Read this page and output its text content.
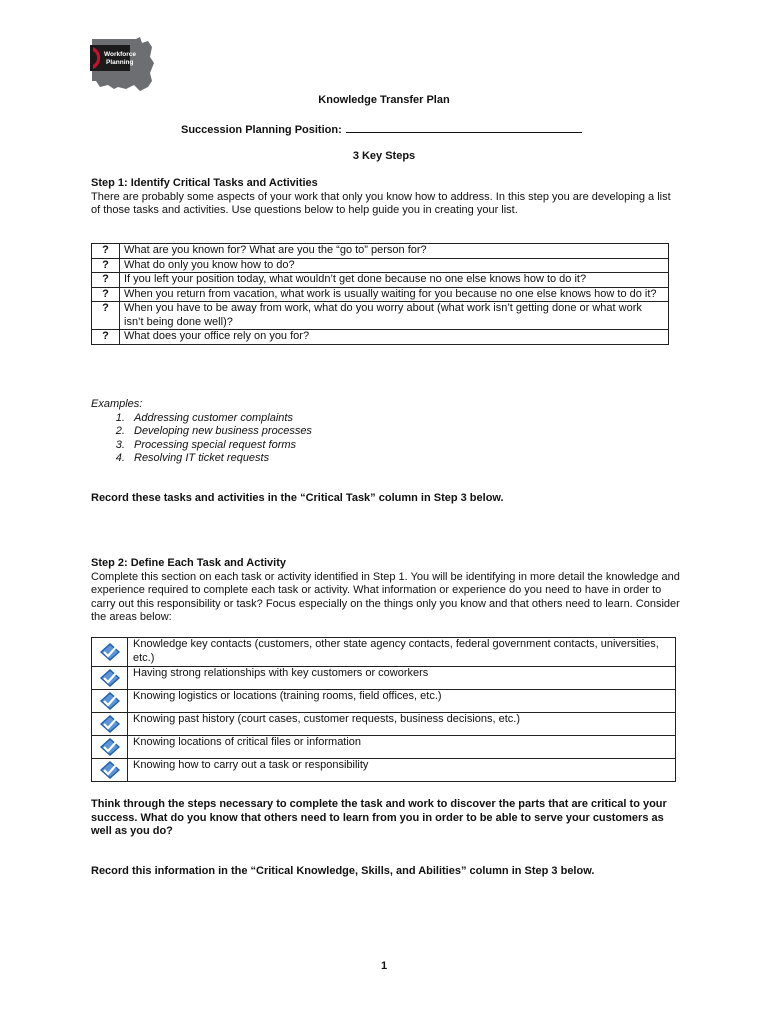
Workforce
Planning
Knowledge Transfer Plan
Succession Planning Position:
3 Key Steps
Step 1: Identify Critical Tasks and Activities
There are probably some aspects of your work that only you know how to address. In this step you are developing a list of those tasks and activities. Use questions below to help guide you in creating your list.
?	What are you known for? What are you the “go to” person for?
?	What do only you know how to do?
?	If you left your position today, what wouldn’t get done because no one else knows how to do it?
?	When you return from vacation, what work is usually waiting for you because no one else knows how to do it?
?	When you have to be away from work, what do you worry about (what work isn’t getting done or what work isn’t being done well)?
?	What does your office rely on you for?
Examples:
1. Addressing customer complaints
2. Developing new business processes
3. Processing special request forms
4. Resolving IT ticket requests
Record these tasks and activities in the “Critical Task” column in Step 3 below.
Step 2: Define Each Task and Activity
Complete this section on each task or activity identified in Step 1. You will be identifying in more detail the knowledge and experience required to complete each task or activity. What information or experience do you need to have in order to carry out this responsibility or task? Focus especially on the things only you know and that others need to learn. Consider the areas below:
	Knowledge key contacts (customers, other state agency contacts, federal government contacts, universities, etc.)

	Having strong relationships with key customers or coworkers

	Knowing logistics or locations (training rooms, field offices, etc.)

	Knowing past history (court cases, customer requests, business decisions, etc.)

	Knowing locations of critical files or information

	Knowing how to carry out a task or responsibility
Think through the steps necessary to complete the task and work to discover the parts that are critical to your success. What do you know that others need to learn from you in order to be able to serve your customers as well as you do?
Record this information in the “Critical Knowledge, Skills, and Abilities” column in Step 3 below.
1
